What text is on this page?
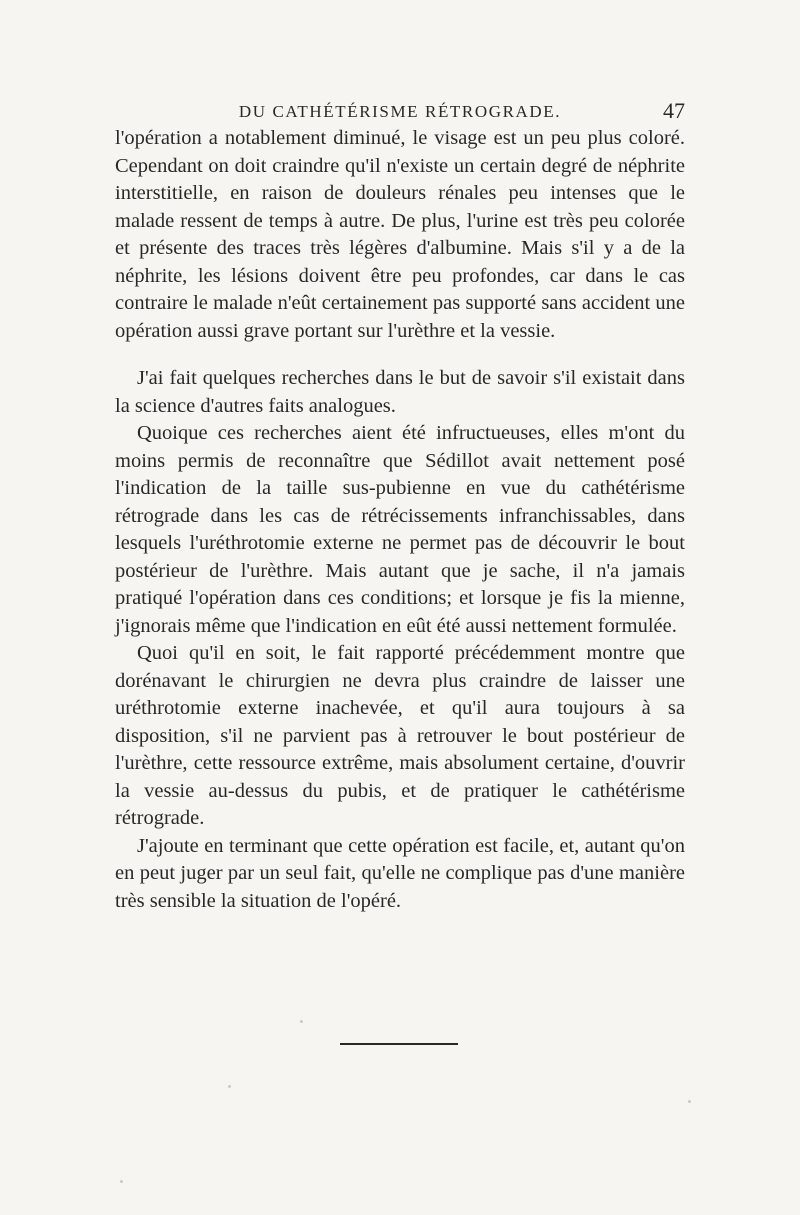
DU CATHÉTÉRISME RÉTROGRADE.	47

l'opération a notablement diminué, le visage est un peu plus coloré. Cependant on doit craindre qu'il n'existe un certain degré de néphrite interstitielle, en raison de douleurs rénales peu intenses que le malade ressent de temps à autre. De plus, l'urine est très peu colorée et présente des traces très légères d'albumine. Mais s'il y a de la néphrite, les lésions doivent être peu profondes, car dans le cas contraire le malade n'eût certainement pas supporté sans accident une opération aussi grave portant sur l'urèthre et la vessie.

J'ai fait quelques recherches dans le but de savoir s'il existait dans la science d'autres faits analogues.

Quoique ces recherches aient été infructueuses, elles m'ont du moins permis de reconnaître que Sédillot avait nettement posé l'indication de la taille sus-pubienne en vue du cathétérisme rétrograde dans les cas de rétrécissements infranchissables, dans lesquels l'uréthrotomie externe ne permet pas de découvrir le bout postérieur de l'urèthre. Mais autant que je sache, il n'a jamais pratiqué l'opération dans ces conditions; et lorsque je fis la mienne, j'ignorais même que l'indication en eût été aussi nettement formulée.

Quoi qu'il en soit, le fait rapporté précédemment montre que dorénavant le chirurgien ne devra plus craindre de laisser une uréthrotomie externe inachevée, et qu'il aura toujours à sa disposition, s'il ne parvient pas à retrouver le bout postérieur de l'urèthre, cette ressource extrême, mais absolument certaine, d'ouvrir la vessie au-dessus du pubis, et de pratiquer le cathétérisme rétrograde.

J'ajoute en terminant que cette opération est facile, et, autant qu'on en peut juger par un seul fait, qu'elle ne complique pas d'une manière très sensible la situation de l'opéré.
